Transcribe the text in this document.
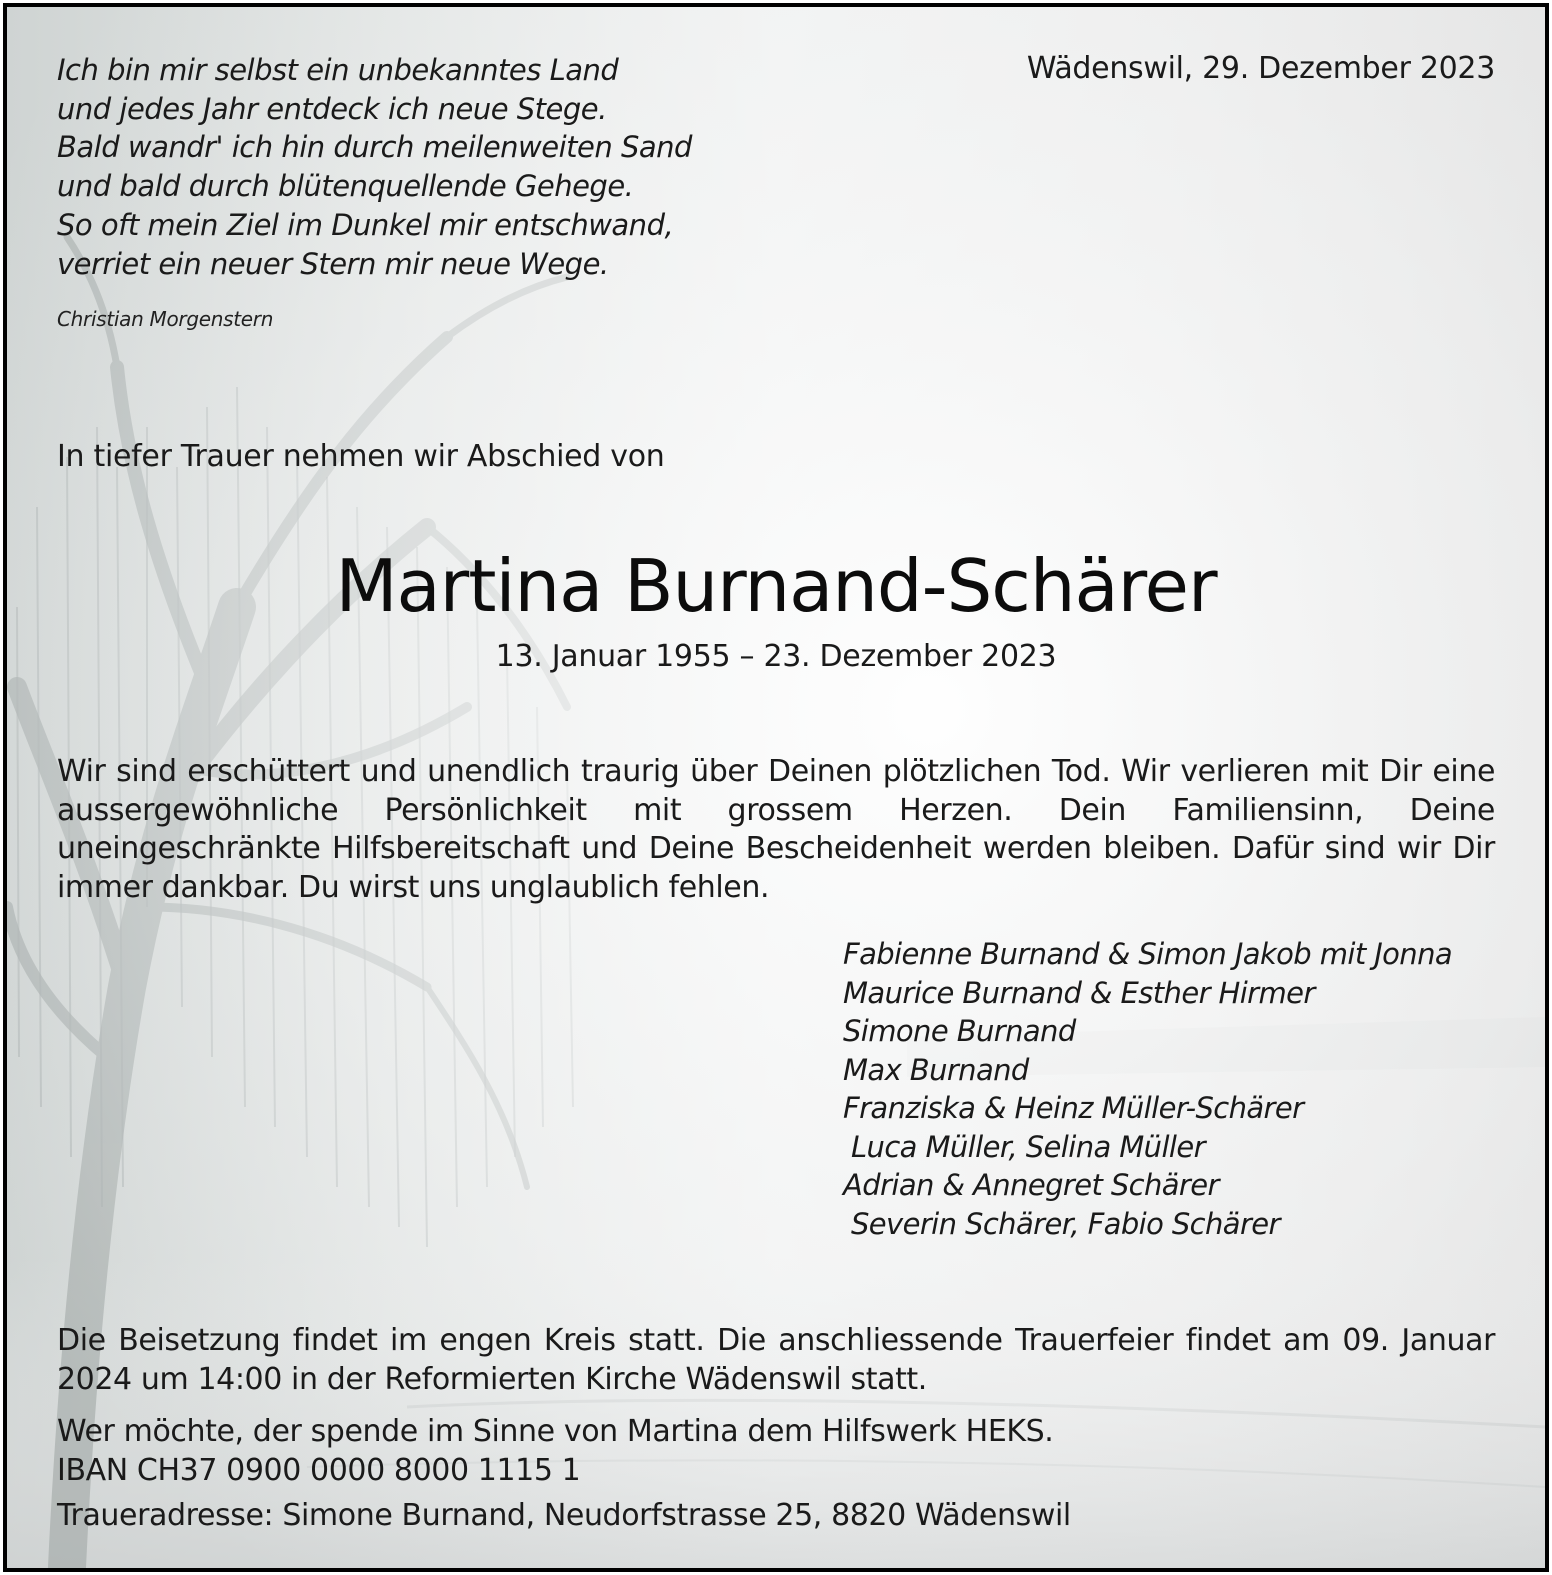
Ich bin mir selbst ein unbekanntes Land
und jedes Jahr entdeck ich neue Stege.
Bald wandr' ich hin durch meilenweiten Sand
und bald durch blütenquellende Gehege.
So oft mein Ziel im Dunkel mir entschwand,
verriet ein neuer Stern mir neue Wege.
Christian Morgenstern
Wädenswil, 29. Dezember 2023
In tiefer Trauer nehmen wir Abschied von
Martina Burnand-Schärer
13. Januar 1955 – 23. Dezember 2023
Wir sind erschüttert und unendlich traurig über Deinen plötzlichen Tod. Wir verlieren mit Dir eine aussergewöhnliche Persönlichkeit mit grossem Herzen. Dein Familiensinn, Deine uneingeschränkte Hilfsbereitschaft und Deine Bescheidenheit werden bleiben. Dafür sind wir Dir immer dankbar. Du wirst uns unglaublich fehlen.
Fabienne Burnand & Simon Jakob mit Jonna
Maurice Burnand & Esther Hirmer
Simone Burnand
Max Burnand
Franziska & Heinz Müller-Schärer
Luca Müller, Selina Müller
Adrian & Annegret Schärer
Severin Schärer, Fabio Schärer
Die Beisetzung findet im engen Kreis statt. Die anschliessende Trauerfeier findet am 09. Januar 2024 um 14:00 in der Reformierten Kirche Wädenswil statt.
Wer möchte, der spende im Sinne von Martina dem Hilfswerk HEKS.
IBAN CH37 0900 0000 8000 1115 1
Traueradresse: Simone Burnand, Neudorfstrasse 25, 8820 Wädenswil
